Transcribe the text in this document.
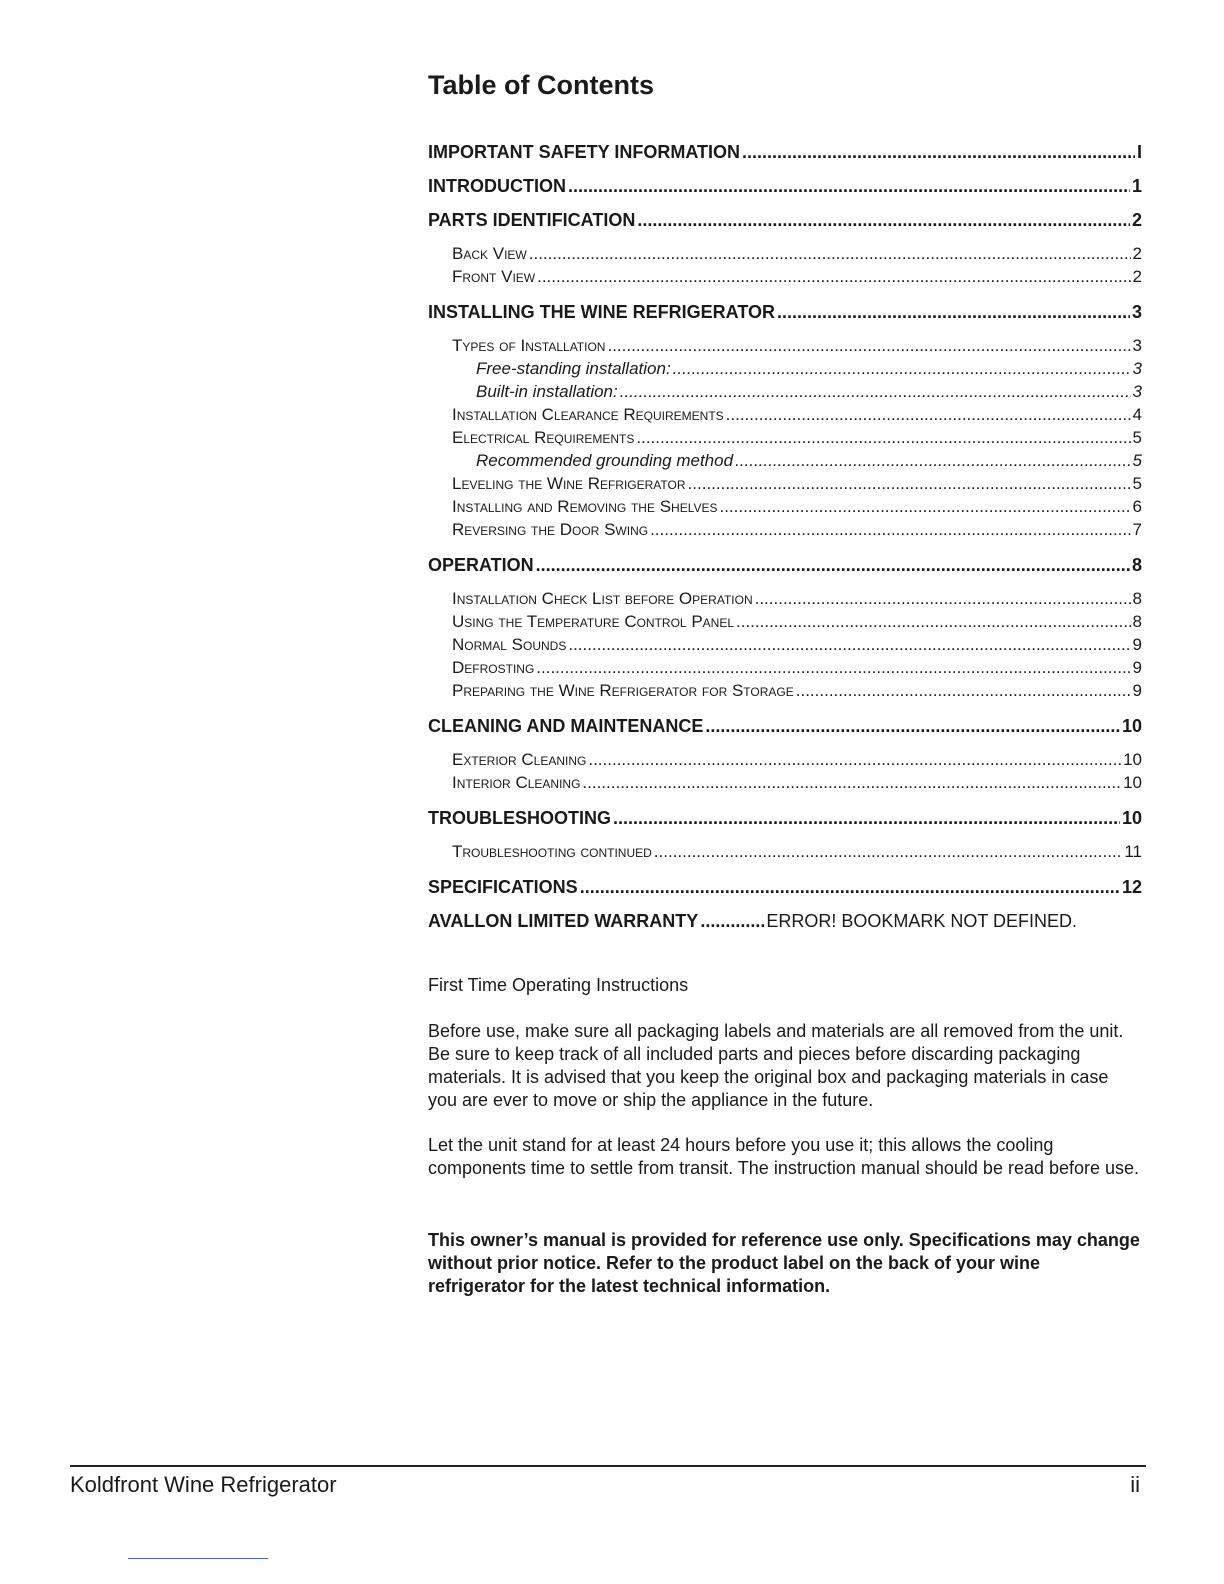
Table of Contents
IMPORTANT SAFETY INFORMATION .....	I
INTRODUCTION .....	1
PARTS IDENTIFICATION .....	2
Back View .....	2
Front View .....	2
INSTALLING THE WINE REFRIGERATOR .....	3
Types of Installation .....	3
Free-standing installation: .....	3
Built-in installation: .....	3
Installation Clearance Requirements .....	4
Electrical Requirements .....	5
Recommended grounding method .....	5
Leveling the Wine Refrigerator .....	5
Installing and Removing the Shelves .....	6
Reversing the Door Swing .....	7
OPERATION .....	8
Installation Check List before Operation .....	8
Using the Temperature Control Panel .....	8
Normal Sounds .....	9
Defrosting .....	9
Preparing the Wine Refrigerator for Storage .....	9
CLEANING AND MAINTENANCE .....	10
Exterior Cleaning .....	10
Interior Cleaning .....	10
TROUBLESHOOTING .....	10
Troubleshooting continued .....	11
SPECIFICATIONS .....	12
AVALLON LIMITED WARRANTY .....	ERROR! BOOKMARK NOT DEFINED.
First Time Operating Instructions
Before use, make sure all packaging labels and materials are all removed from the unit. Be sure to keep track of all included parts and pieces before discarding packaging materials. It is advised that you keep the original box and packaging materials in case you are ever to move or ship the appliance in the future.
Let the unit stand for at least 24 hours before you use it; this allows the cooling components time to settle from transit. The instruction manual should be read before use.
This owner’s manual is provided for reference use only. Specifications may change without prior notice. Refer to the product label on the back of your wine refrigerator for the latest technical information.
Koldfront Wine Refrigerator	ii
